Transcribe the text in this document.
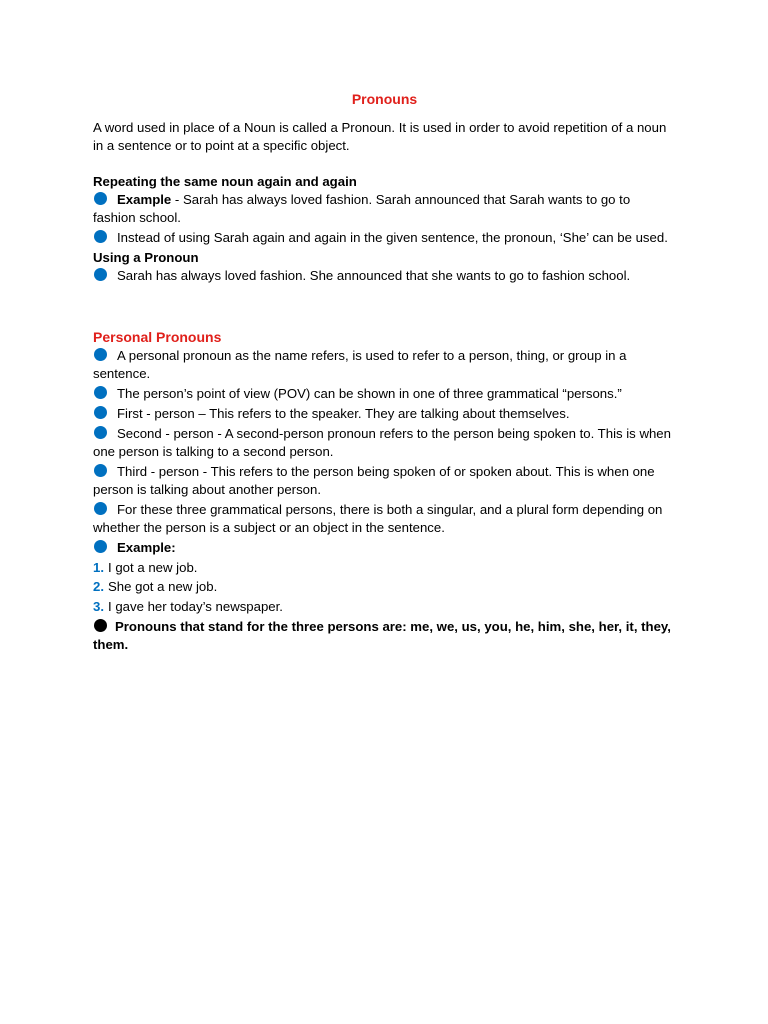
Pronouns

A word used in place of a Noun is called a Pronoun. It is used in order to avoid repetition of a noun in a sentence or to point at a specific object.

Repeating the same noun again and again

Example - Sarah has always loved fashion. Sarah announced that Sarah wants to go to fashion school.

Instead of using Sarah again and again in the given sentence, the pronoun, ‘She’ can be used.

Using a Pronoun

Sarah has always loved fashion. She announced that she wants to go to fashion school.

Personal Pronouns

A personal pronoun as the name refers, is used to refer to a person, thing, or group in a sentence.

The person’s point of view (POV) can be shown in one of three grammatical “persons.”

First - person – This refers to the speaker. They are talking about themselves.

Second - person - A second-person pronoun refers to the person being spoken to. This is when one person is talking to a second person.

Third - person - This refers to the person being spoken of or spoken about. This is when one person is talking about another person.

For these three grammatical persons, there is both a singular, and a plural form depending on whether the person is a subject or an object in the sentence.

Example:

1. I got a new job.

2. She got a new job.

3. I gave her today’s newspaper.

Pronouns that stand for the three persons are: me, we, us, you, he, him, she, her, it, they, them.
